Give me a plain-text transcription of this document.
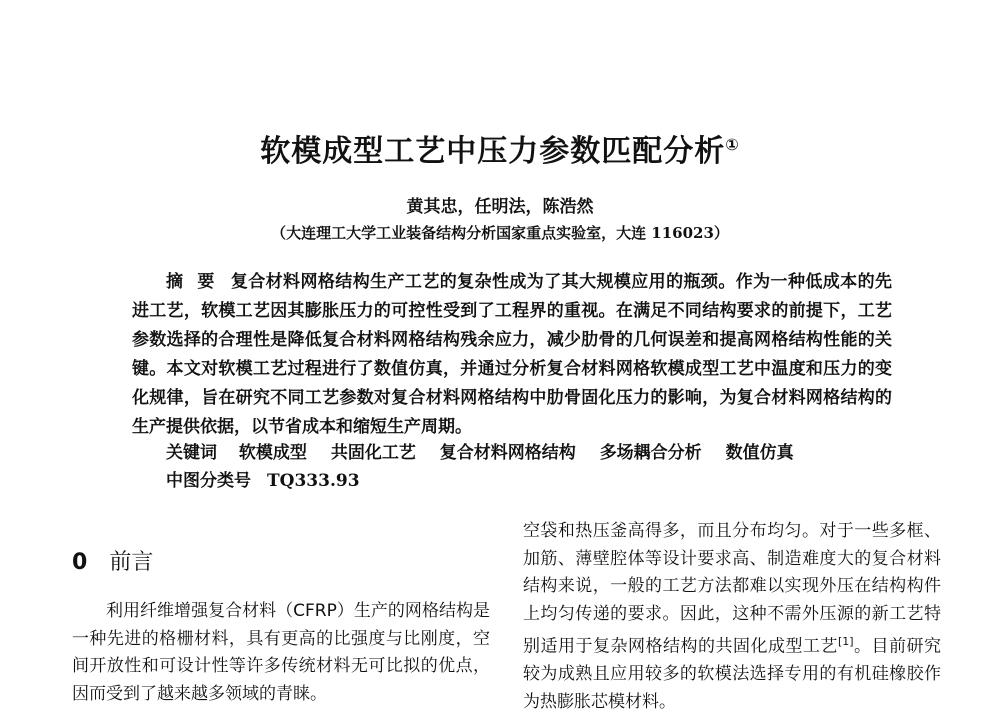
软模成型工艺中压力参数匹配分析①
黄其忠，任明法，陈浩然
（大连理工大学工业装备结构分析国家重点实验室，大连 116023）
摘要 复合材料网格结构生产工艺的复杂性成为了其大规模应用的瓶颈。作为一种低成本的先进工艺，软模工艺因其膨胀压力的可控性受到了工程界的重视。在满足不同结构要求的前提下，工艺参数选择的合理性是降低复合材料网格结构残余应力，减少肋骨的几何误差和提高网格结构性能的关键。本文对软模工艺过程进行了数值仿真，并通过分析复合材料网格软模成型工艺中温度和压力的变化规律，旨在研究不同工艺参数对复合材料网格结构中肋骨固化压力的影响，为复合材料网格结构的生产提供依据，以节省成本和缩短生产周期。
关键词 软模成型 共固化工艺 复合材料网格结构 多场耦合分析 数值仿真
中图分类号 TQ333.93
0 前言

利用纤维增强复合材料（CFRP）生产的网格结构是一种先进的格栅材料，具有更高的比强度与比刚度，空间开放性和可设计性等许多传统材料无可比拟的优点，因而受到了越来越多领域的青睐。

空袋和热压釜高得多，而且分布均匀。对于一些多框、加筋、薄壁腔体等设计要求高、制造难度大的复合材料结构来说，一般的工艺方法都难以实现外压在结构构件上均匀传递的要求。因此，这种不需外压源的新工艺特别适用于复杂网格结构的共固化成型工艺[1]。目前研究较为成熟且应用较多的软模法选择专用的有机硅橡胶作为热膨胀芯模材料。
